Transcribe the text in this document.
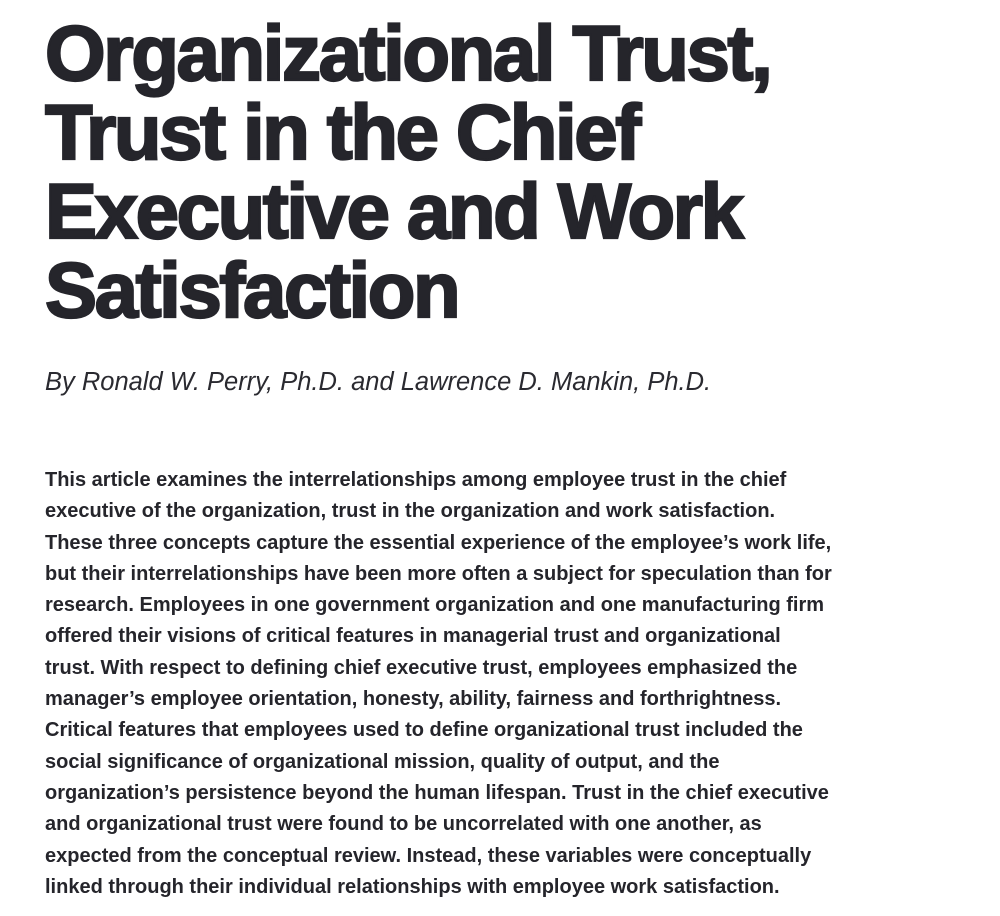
Organizational Trust,
Trust in the Chief
Executive and Work
Satisfaction

By Ronald W. Perry, Ph.D. and Lawrence D. Mankin, Ph.D.

This article examines the interrelationships among employee trust in the chief
executive of the organization, trust in the organization and work satisfaction.
These three concepts capture the essential experience of the employee’s work life,
but their interrelationships have been more often a subject for speculation than for
research. Employees in one government organization and one manufacturing firm
offered their visions of critical features in managerial trust and organizational
trust. With respect to defining chief executive trust, employees emphasized the
manager’s employee orientation, honesty, ability, fairness and forthrightness.
Critical features that employees used to define organizational trust included the
social significance of organizational mission, quality of output, and the
organization’s persistence beyond the human lifespan. Trust in the chief executive
and organizational trust were found to be uncorrelated with one another, as
expected from the conceptual review. Instead, these variables were conceptually
linked through their individual relationships with employee work satisfaction.
